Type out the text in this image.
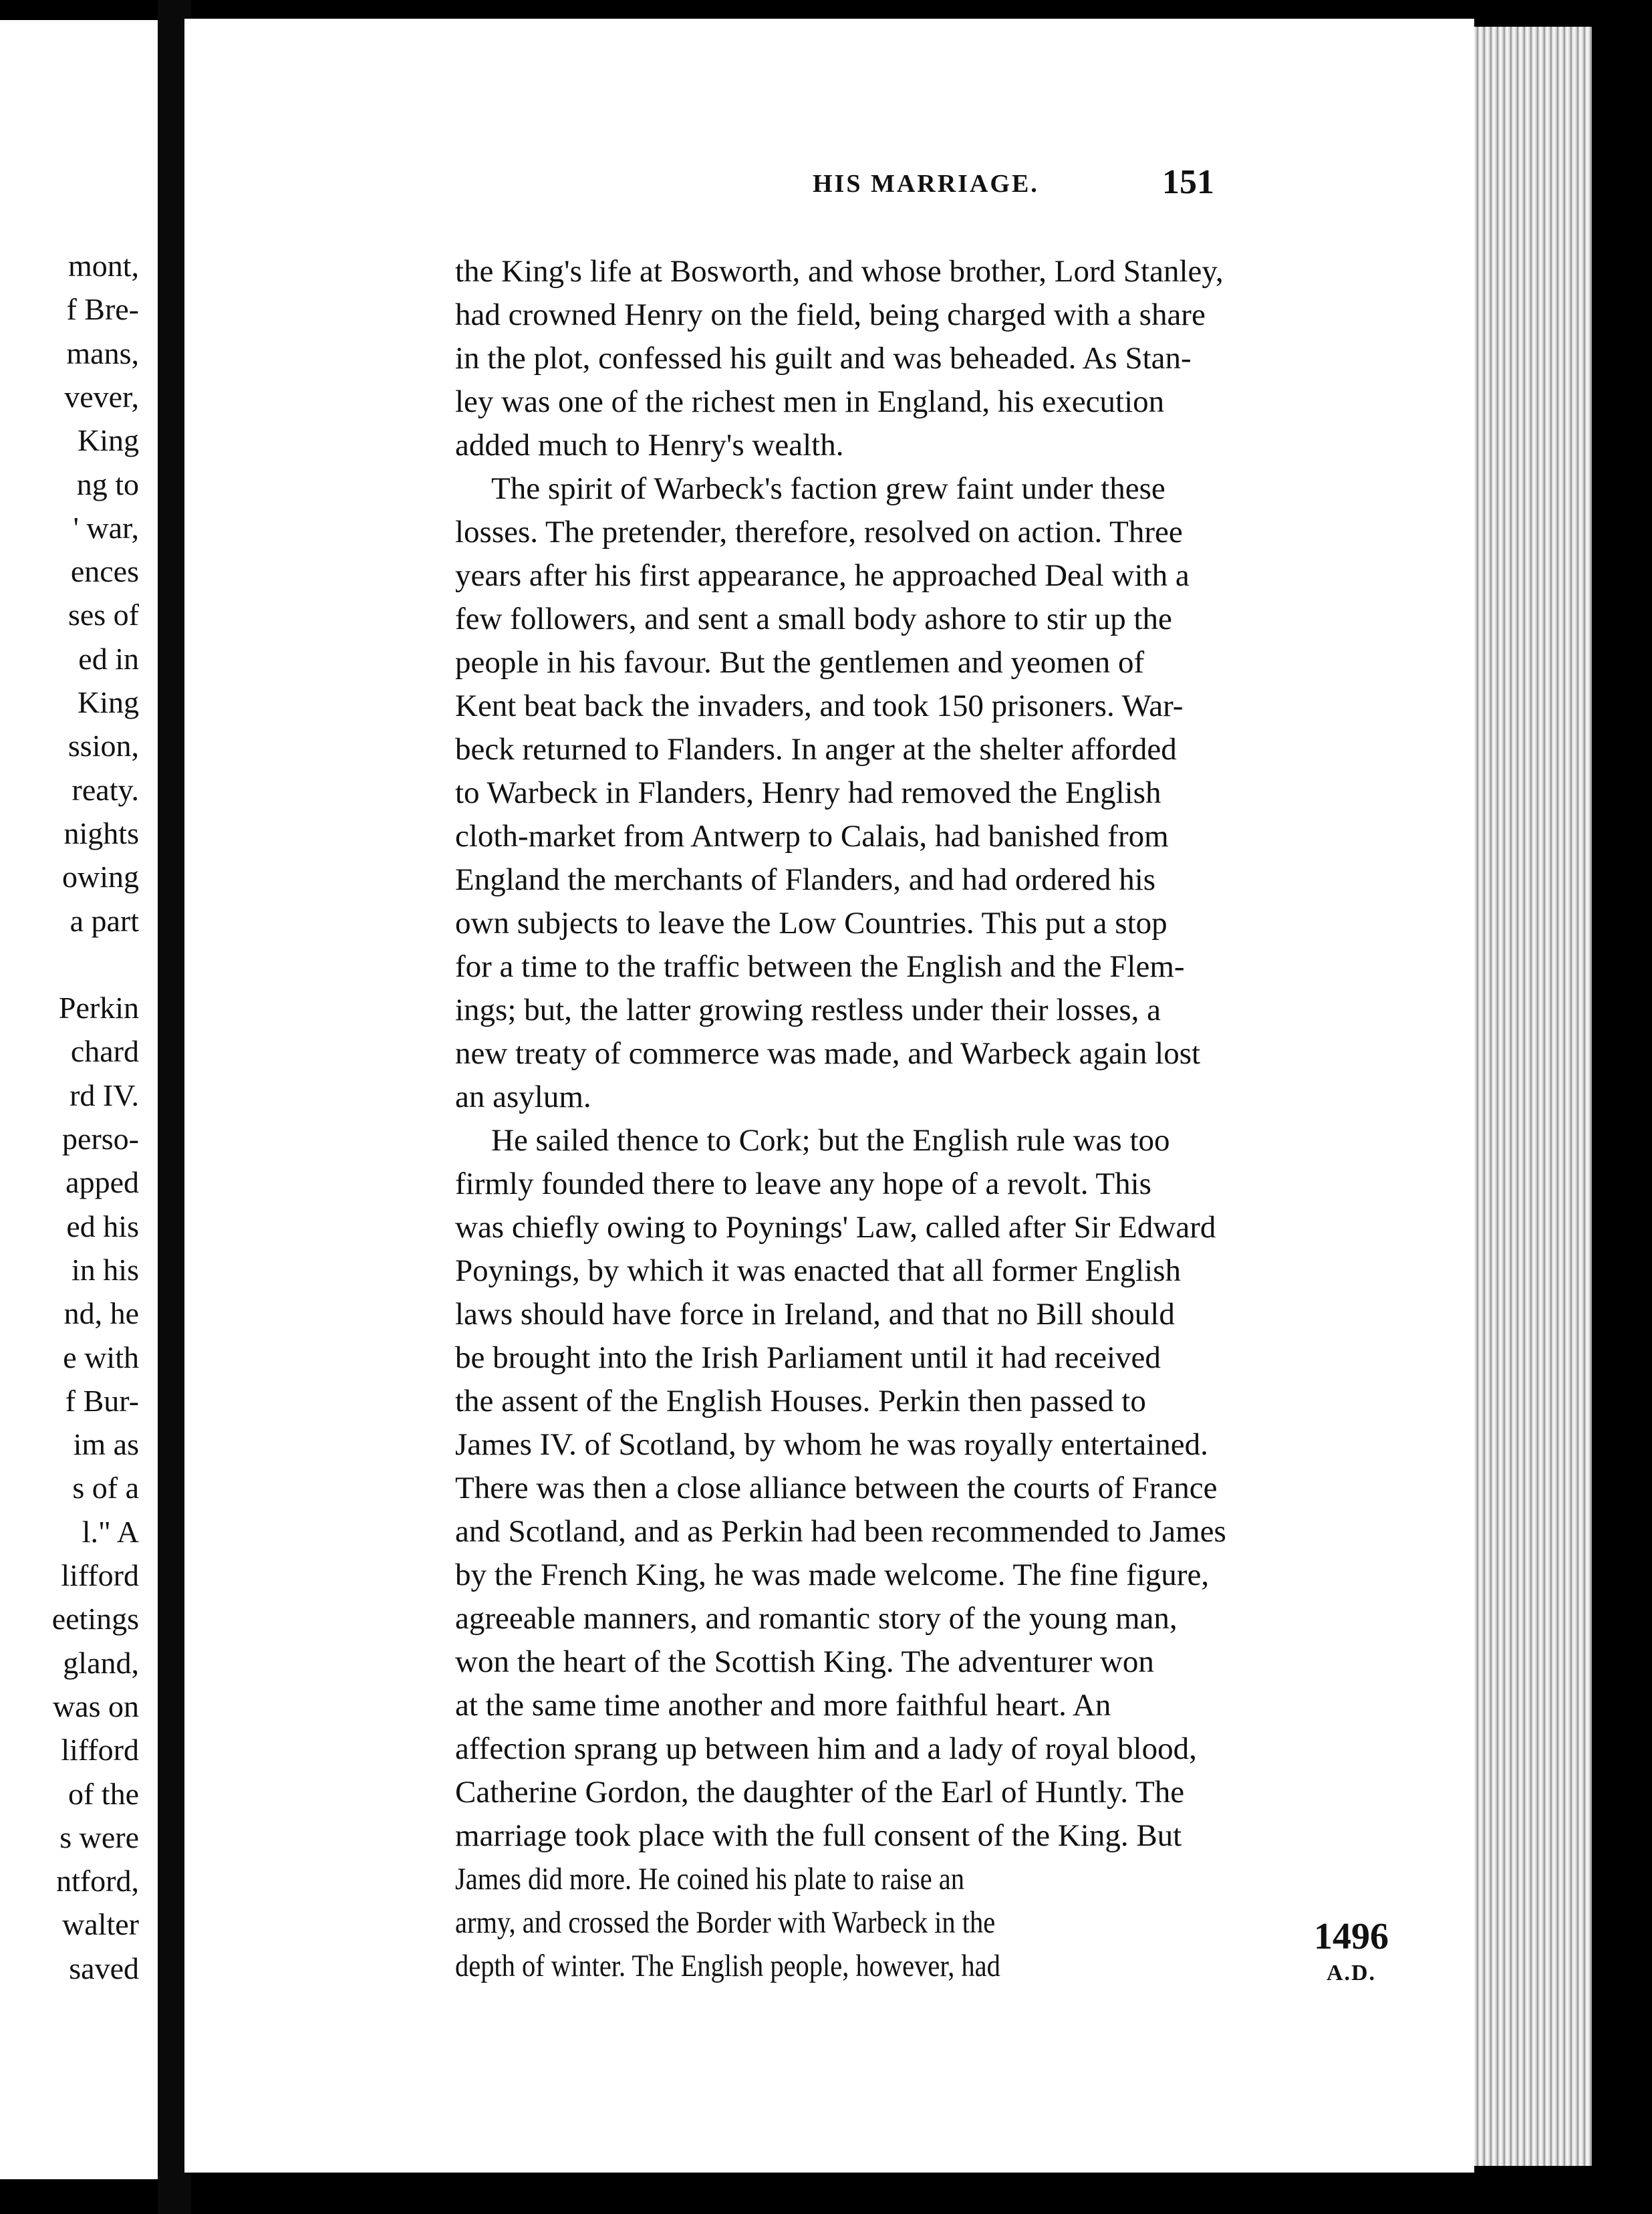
mont,
f Bre-
mans,
vever,
King
ng to
' war,
ences
ses of
ed in
King
ssion,
reaty.
nights
owing
a part
Perkin
chard
rd IV.
perso-
apped
ed his
in his
nd, he
e with
f Bur-
im as
s of a
l." A
lifford
eetings
gland,
was on
lifford
of the
s were
ntford,
walter
saved
HIS MARRIAGE.	151
the King's life at Bosworth, and whose brother, Lord Stanley,
had crowned Henry on the field, being charged with a share
in the plot, confessed his guilt and was beheaded. As Stan-
ley was one of the richest men in England, his execution
added much to Henry's wealth.
The spirit of Warbeck's faction grew faint under these
losses. The pretender, therefore, resolved on action. Three
years after his first appearance, he approached Deal with a
few followers, and sent a small body ashore to stir up the
people in his favour. But the gentlemen and yeomen of
Kent beat back the invaders, and took 150 prisoners. War-
beck returned to Flanders. In anger at the shelter afforded
to Warbeck in Flanders, Henry had removed the English
cloth-market from Antwerp to Calais, had banished from
England the merchants of Flanders, and had ordered his
own subjects to leave the Low Countries. This put a stop
for a time to the traffic between the English and the Flem-
ings; but, the latter growing restless under their losses, a
new treaty of commerce was made, and Warbeck again lost
an asylum.
He sailed thence to Cork; but the English rule was too
firmly founded there to leave any hope of a revolt. This
was chiefly owing to Poynings' Law, called after Sir Edward
Poynings, by which it was enacted that all former English
laws should have force in Ireland, and that no Bill should
be brought into the Irish Parliament until it had received
the assent of the English Houses. Perkin then passed to
James IV. of Scotland, by whom he was royally entertained.
There was then a close alliance between the courts of France
and Scotland, and as Perkin had been recommended to James
by the French King, he was made welcome. The fine figure,
agreeable manners, and romantic story of the young man,
won the heart of the Scottish King. The adventurer won
at the same time another and more faithful heart. An
affection sprang up between him and a lady of royal blood,
Catherine Gordon, the daughter of the Earl of Huntly. The
marriage took place with the full consent of the King. But
James did more. He coined his plate to raise an
army, and crossed the Border with Warbeck in the
depth of winter. The English people, however, had
1496
A.D.
